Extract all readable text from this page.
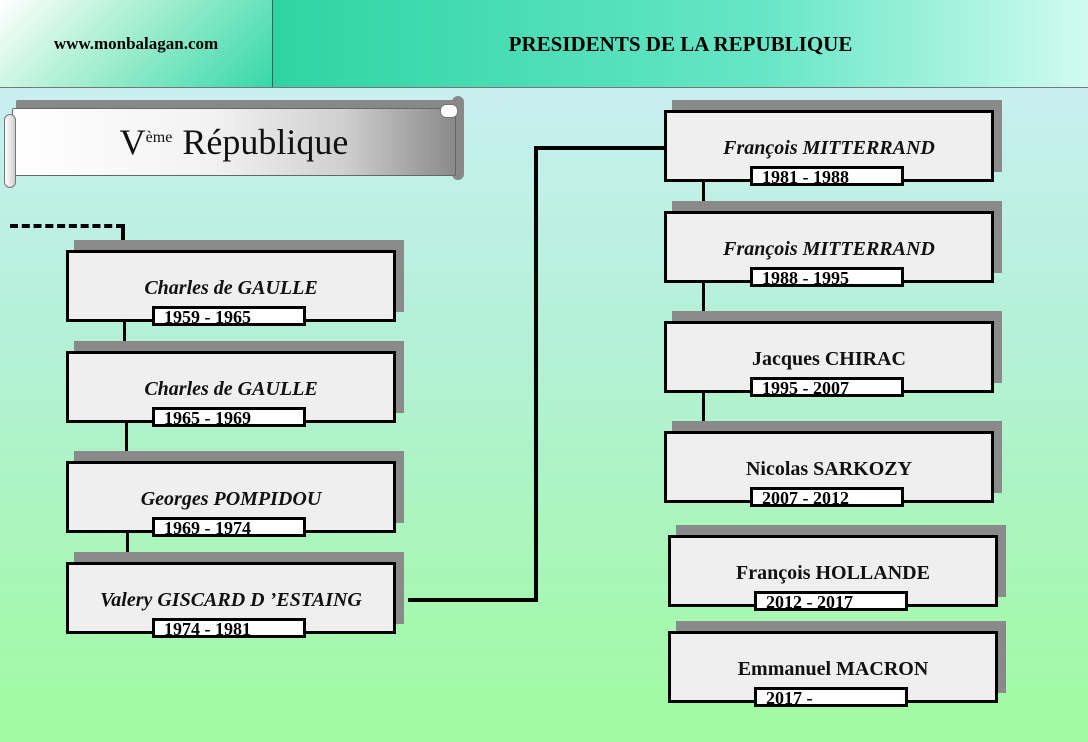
www.monbalagan.com	PRESIDENTS DE LA REPUBLIQUE
Vème République
Charles de GAULLE
1959 - 1965
Charles de GAULLE
1965 - 1969
Georges POMPIDOU
1969 - 1974
Valery GISCARD D ’ESTAING
1974 - 1981
François MITTERRAND
1981 - 1988
François MITTERRAND
1988 - 1995
Jacques CHIRAC
1995 - 2007
Nicolas SARKOZY
2007 - 2012
François HOLLANDE
2012 - 2017
Emmanuel MACRON
2017 -
